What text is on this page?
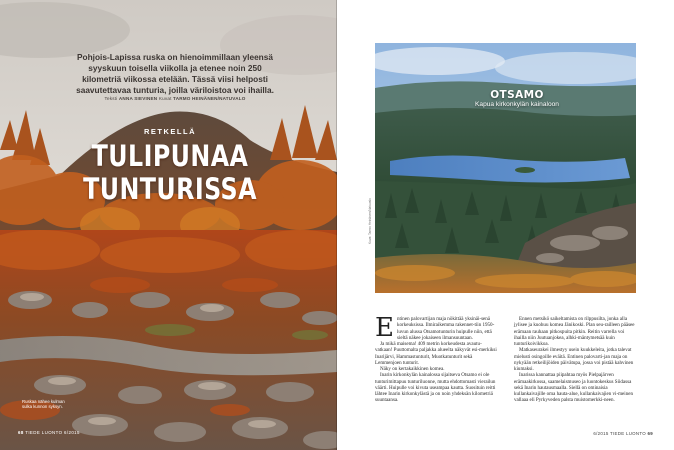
Pohjois-Lapissa ruska on hienoimmillaan yleensä syyskuun toisella viikolla ja etenee noin 250 kilometriä viikossa etelään. Tässä viisi helposti saavutettavaa tunturia, joilla väriloistoa voi ihailla.
Teksti ANNA SIEVINEN Kuvat TARMO HEINÄNEN/NATUVALO
RETKELLÄ
TULIPUNAA
TUNTURISSA
Ruskaa nähee kulman sulka kunnon syksyn.
68 TIEDE LUONTO 6/2015
OTSAMO
Kapua kirkonkylän kainaloon
Kuva: Tarmo Heinänen/Natuvalo
E ntinen palovartijan maja nökittää yksinäi-senä korkeuksissa. Ilmiraikemma rakennet-tiin 1950-luvun alussa Otsamotunturin huipulle niin, että sieltä näkee jokaiseen ilmansuuntaan.

Ja mikä maisema! 409 metrin korkeudesta avautu-vatkaan! Puuttomalta paljakka alueelta näkyvät esi-merkiksi Inarijärvi, Hammastunturit, Muotkatunturit sekä Lemmenjoen tunturit.

Näky on kertakaikkinen komea.

Inarin kirkonkylän kainalossa sijaitseva Otsamo ei ole tunturimittapuu tunturiluonne, mutta ehdottomasti vierailun väärti. Huipulle voi kivuta useampaa kautta. Suosituin reitti lähtee Inarin kirkonkylästä ja on noin yhdeksän kilometriä suuntaansa.

Ennen metsikö saikeltamista on rilppusilta, jonka alla jylisee ja kuohuu komea Jänikoski. Plan seu-railleen pääsee erämaan rauhaan pitkospuita pitkin. Reitin varrella voi ihailla niin Juutuanjokea, alhki-mäntymetsää kuin tunturikoivikkoa.

Matkaseurakei ilmestyy usein kuukkeleita, jotka talevat mielusti osingoille eväitä. Entinen palovarti-jan maja on nykyään retkeilijöiden päivätupa, jossa voi pistää kahvinen kiumaksi.

Inarissa kannattaa piipahtaa myös Pielpajärven erämaakirkossa, saamelaismuseo ja luontokeskus Siidassa sekä Inarin hautausmaalla. Siellä on ominaisia kullankaivajille oma hauta-alue, kullankaivajien vi-meinen vallaaa eli Pyrkyveden palsta muistomerkki-neen.

6/2015 TIEDE LUONTO 69
